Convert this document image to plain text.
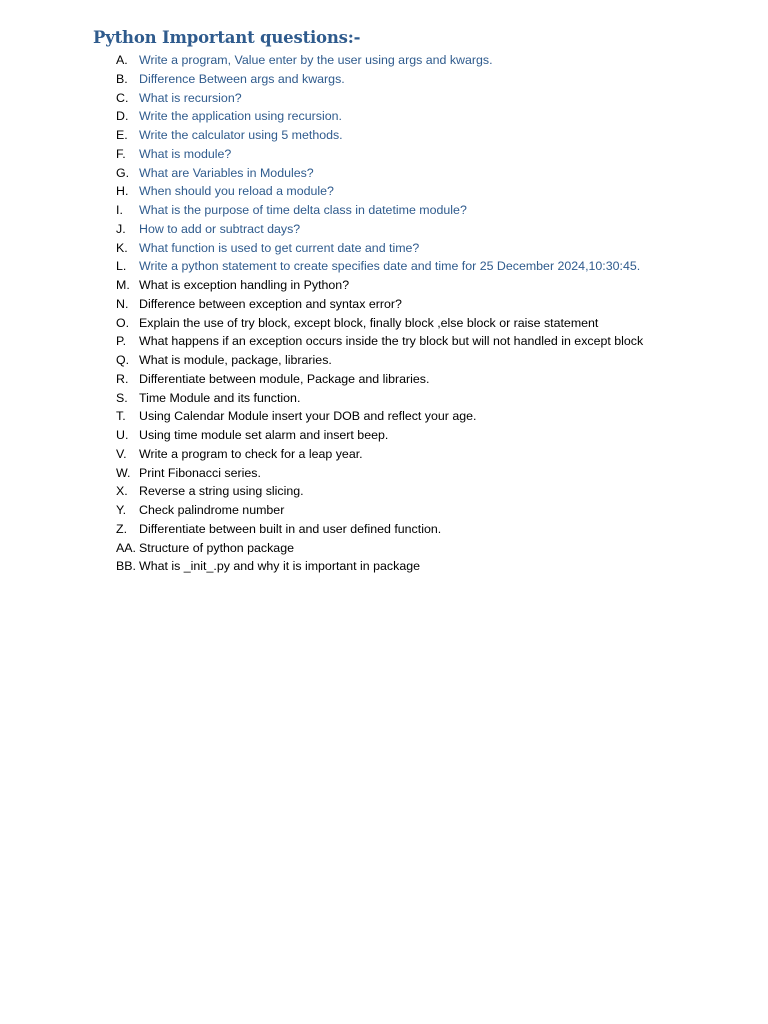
Python Important questions:-
A. Write a program, Value enter by the user using args and kwargs.
B. Difference Between args and kwargs.
C. What is recursion?
D. Write the application using recursion.
E. Write the calculator using 5 methods.
F.	What is module?
G. What are Variables in Modules?
H. When should you reload a module?
I.	What is the purpose of time delta class in datetime module?
J.	How to add or subtract days?
K. What function is used to get current date and time?
L.	Write a python statement to create specifies date and time for 25 December 2024,10:30:45.
M. What is exception handling in Python?
N. Difference between exception and syntax error?
O. Explain the use of try block, except block, finally block ,else block or raise statement
P.	What happens if an exception occurs inside the try block but will not handled in except block
Q. What is module, package, libraries.
R. Differentiate between module, Package and libraries.
S. Time Module and its function.
T.	Using Calendar Module insert your DOB and reflect your age.
U. Using time module set alarm and insert beep.
V.	Write a program to check for a leap year.
W. Print Fibonacci series.
X. Reverse a string using slicing.
Y.	Check palindrome number
Z. Differentiate between built in and user defined function.
AA. Structure of python package
BB. What is _init_.py and why it is important in package
